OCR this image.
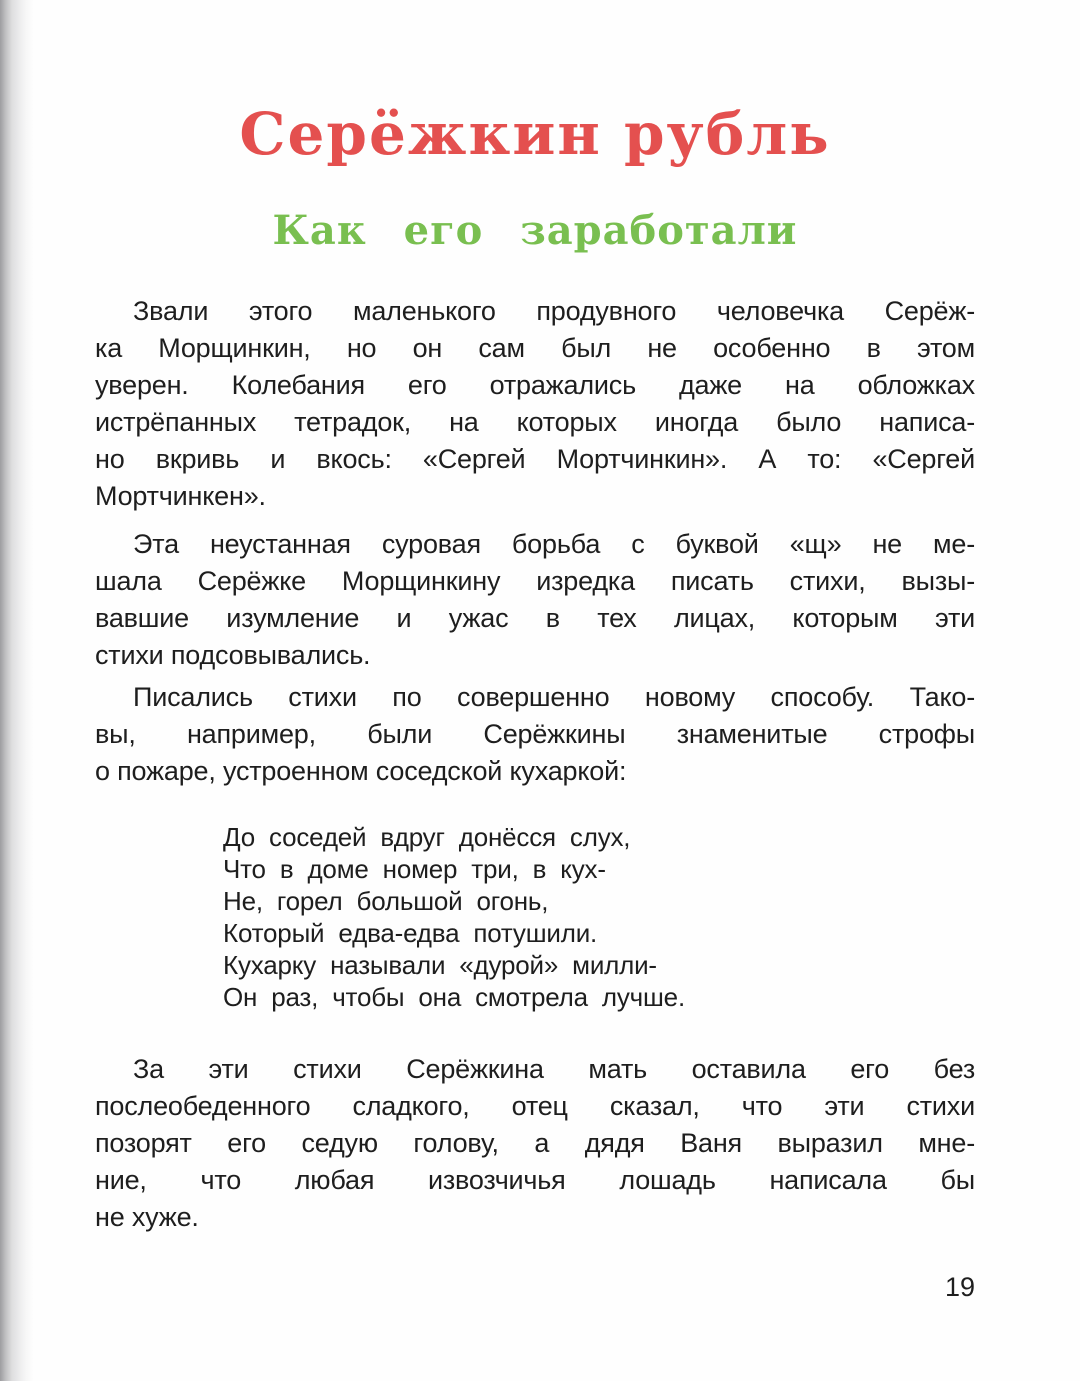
Серёжкин рубль
Как его заработали
Звали этого маленького продувного человечка Серёж-
ка Морщинкин, но он сам был не особенно в этом
уверен. Колебания его отражались даже на обложках
истрёпанных тетрадок, на которых иногда было написа-
но вкривь и вкось: «Сергей Мортчинкин». А то: «Сергей
Мортчинкен».
Эта неустанная суровая борьба с буквой «щ» не ме-
шала Серёжке Морщинкину изредка писать стихи, вызы-
вавшие изумление и ужас в тех лицах, которым эти
стихи подсовывались.
Писались стихи по совершенно новому способу. Тако-
вы, например, были Серёжкины знаменитые строфы
о пожаре, устроенном соседской кухаркой:
До соседей вдруг донёсся слух,
Что в доме номер три, в кух-
Не, горел большой огонь,
Который едва-едва потушили.
Кухарку называли «дурой» милли-
Он раз, чтобы она смотрела лучше.
За эти стихи Серёжкина мать оставила его без
послеобеденного сладкого, отец сказал, что эти стихи
позорят его седую голову, а дядя Ваня выразил мне-
ние, что любая извозчичья лошадь написала бы
не хуже.
19
